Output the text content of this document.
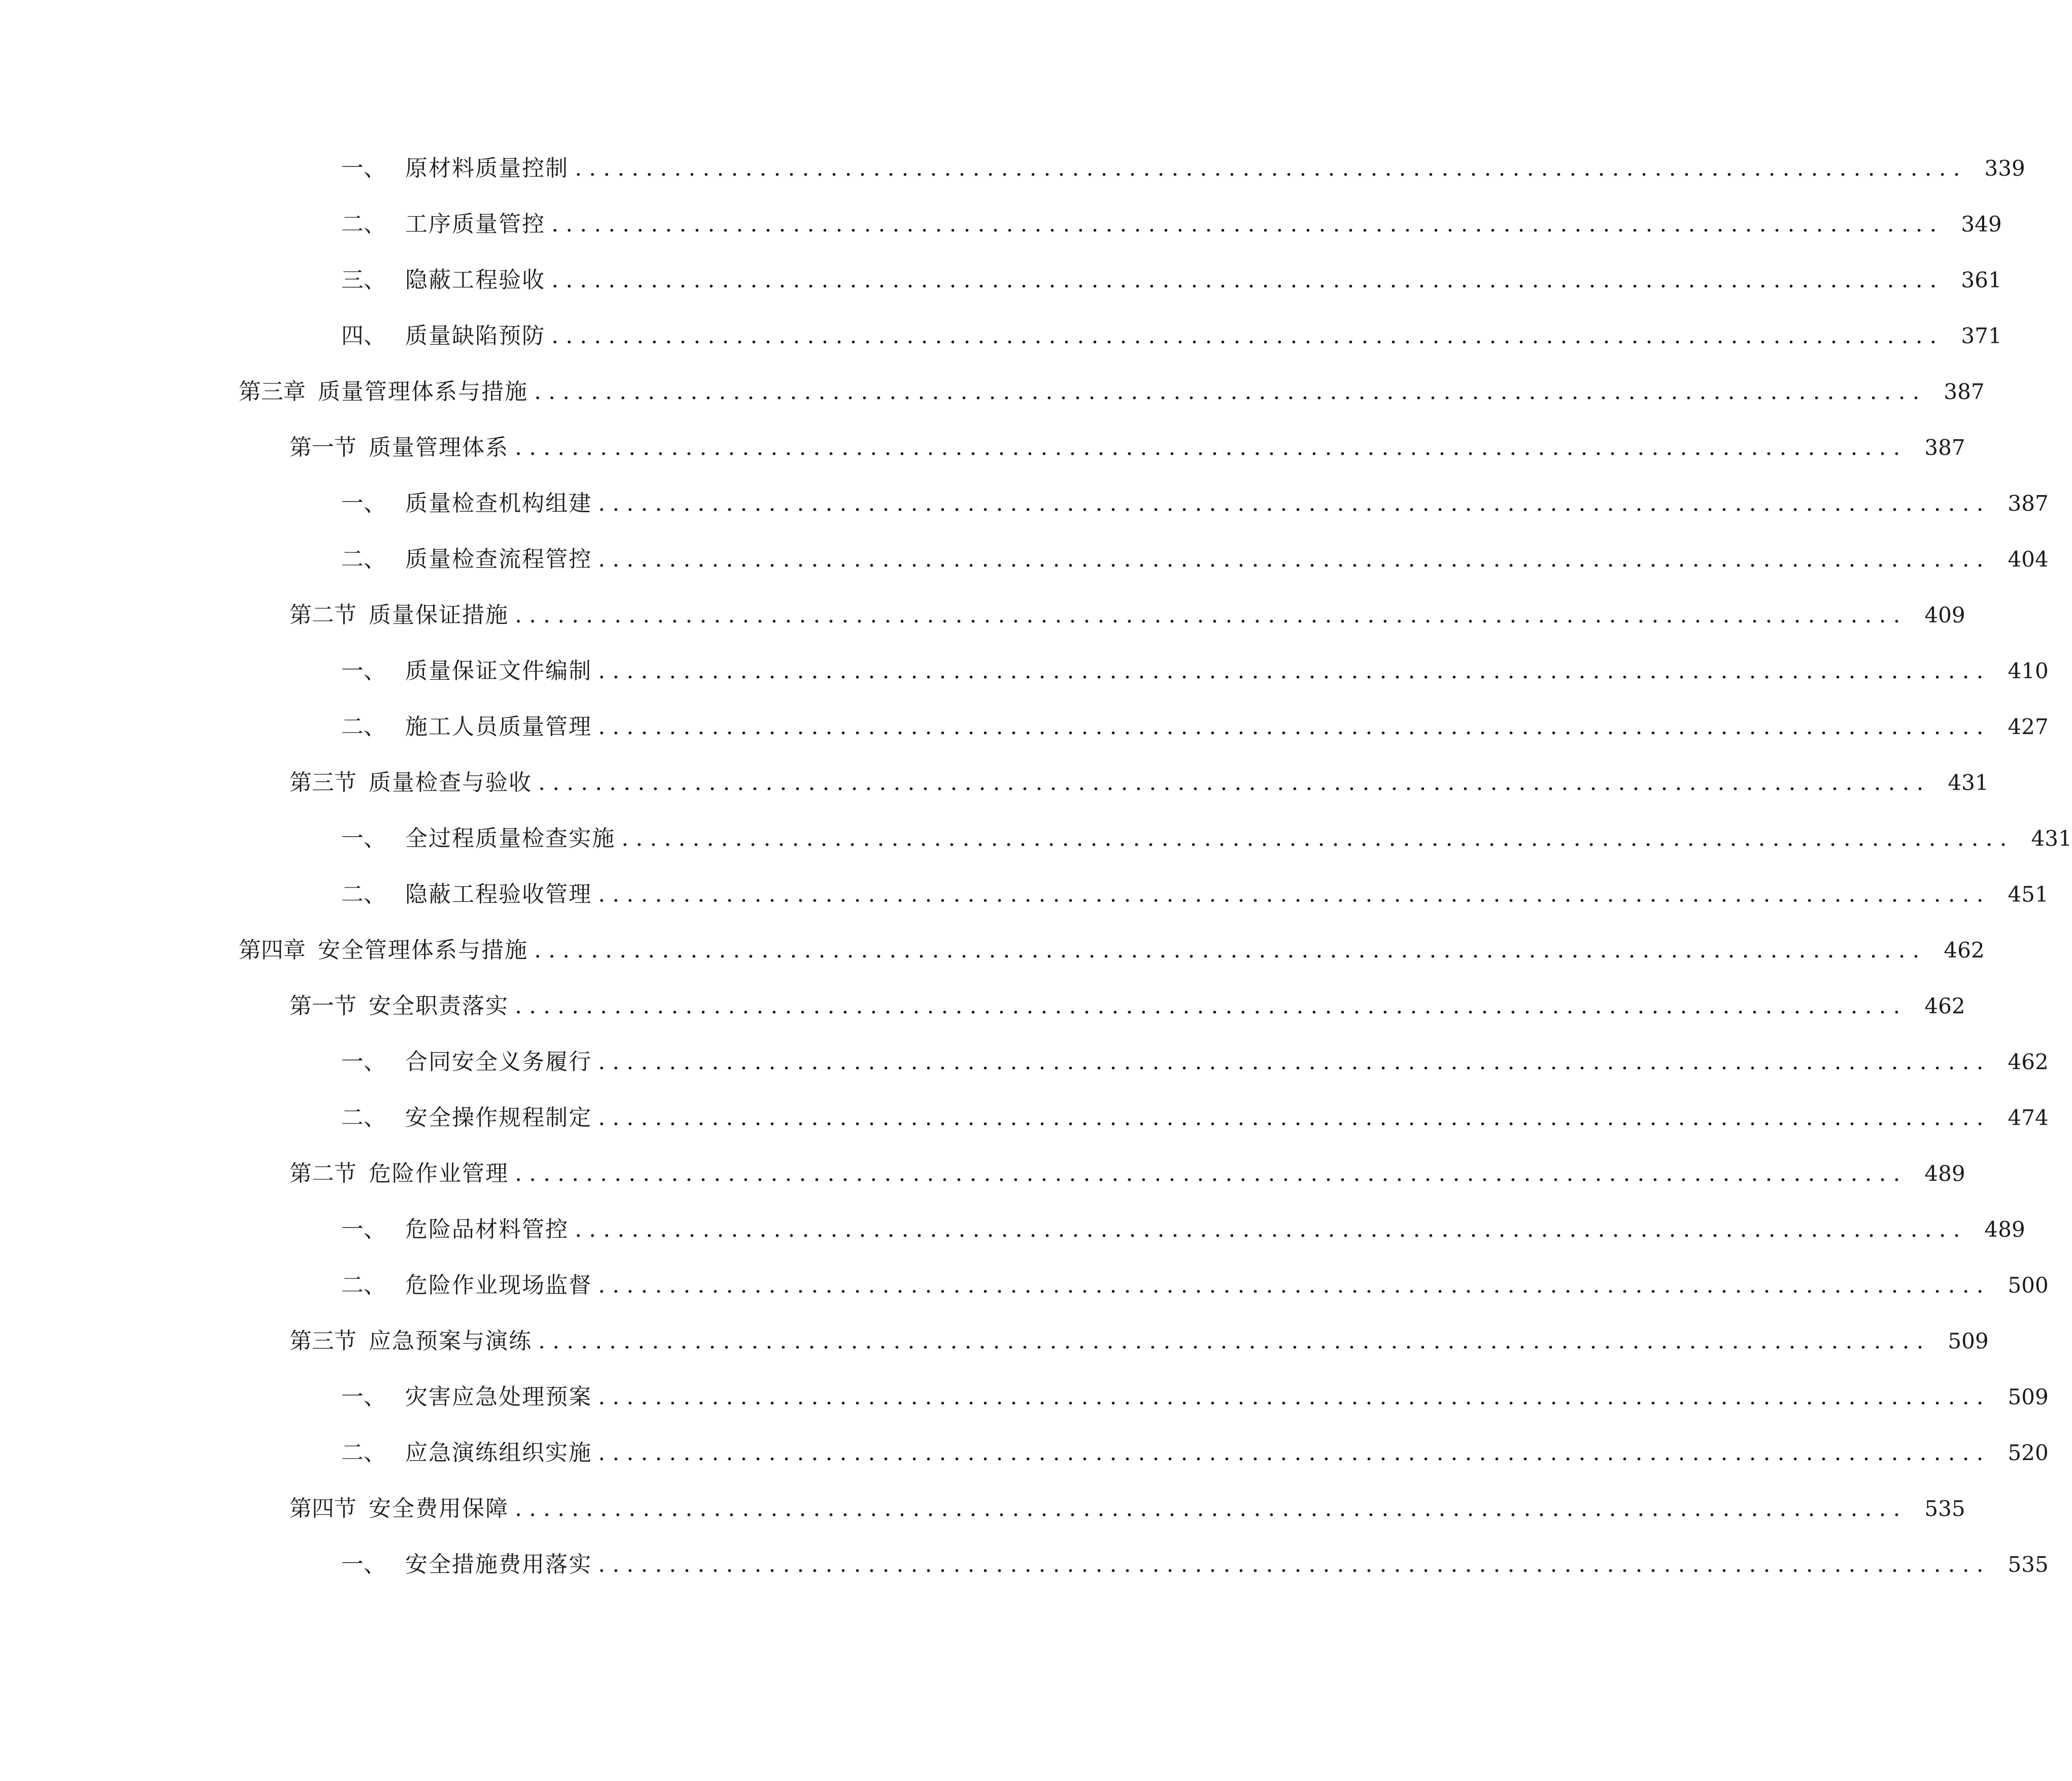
一、 原材料质量控制 .................................................................................................. 339
二、 工序质量管控 .................................................................................................. 349
三、 隐蔽工程验收 .................................................................................................. 361
四、 质量缺陷预防 .................................................................................................. 371
第三章 质量管理体系与措施 .................................................................................................. 387
第一节 质量管理体系 .................................................................................................. 387
一、 质量检查机构组建 .................................................................................................. 387
二、 质量检查流程管控 .................................................................................................. 404
第二节 质量保证措施 .................................................................................................. 409
一、 质量保证文件编制 .................................................................................................. 410
二、 施工人员质量管理 .................................................................................................. 427
第三节 质量检查与验收 .................................................................................................. 431
一、 全过程质量检查实施 .................................................................................................. 431
二、 隐蔽工程验收管理 .................................................................................................. 451
第四章 安全管理体系与措施 .................................................................................................. 462
第一节 安全职责落实 .................................................................................................. 462
一、 合同安全义务履行 .................................................................................................. 462
二、 安全操作规程制定 .................................................................................................. 474
第二节 危险作业管理 .................................................................................................. 489
一、 危险品材料管控 .................................................................................................. 489
二、 危险作业现场监督 .................................................................................................. 500
第三节 应急预案与演练 .................................................................................................. 509
一、 灾害应急处理预案 .................................................................................................. 509
二、 应急演练组织实施 .................................................................................................. 520
第四节 安全费用保障 .................................................................................................. 535
一、 安全措施费用落实 .................................................................................................. 535
